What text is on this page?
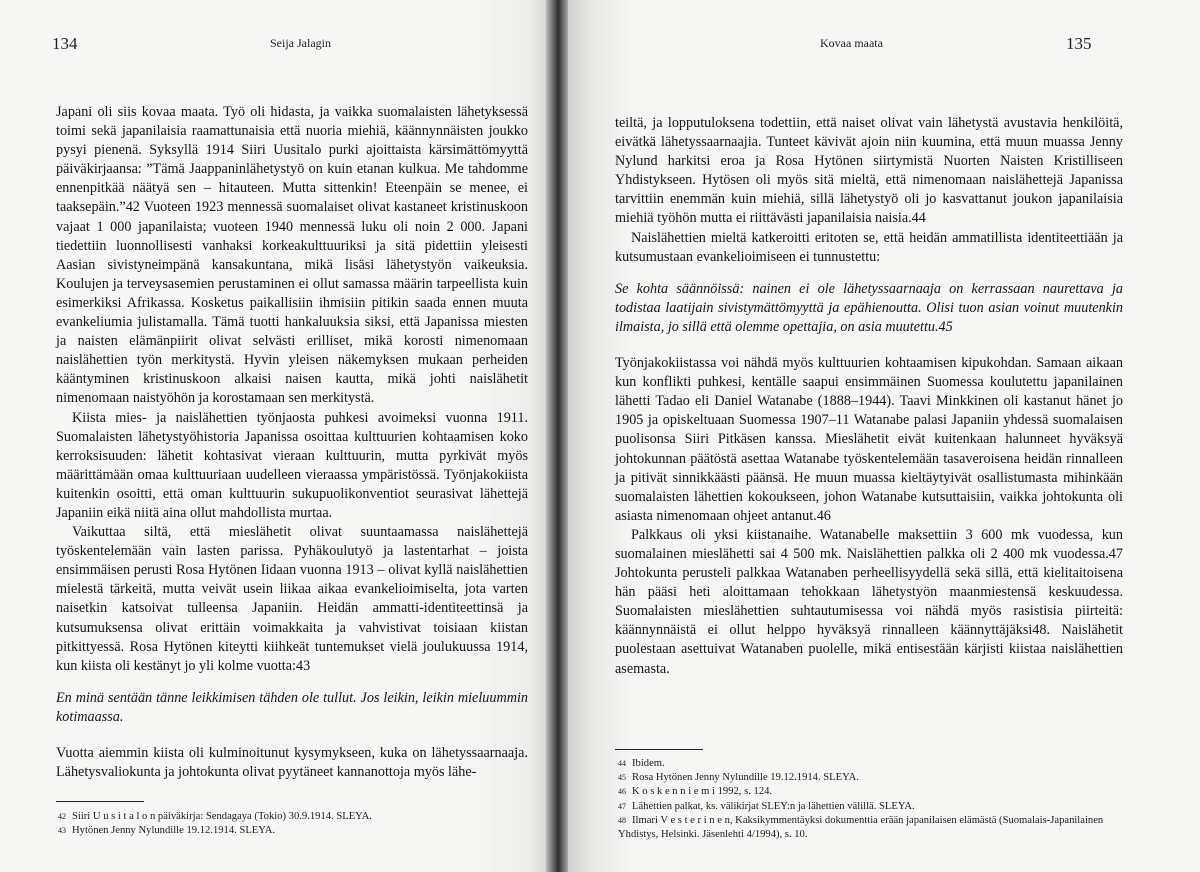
134	Seija Jalagin

Japani oli siis kovaa maata. Työ oli hidasta, ja vaikka suomalaisten lähetyksessä toimi sekä japanilaisia raamattunaisia että nuoria miehiä, käännynnäisten joukko pysyi pienenä. Syksyllä 1914 Siiri Uusitalo purki ajoittaista kärsimättömyyttä päiväkirjaansa: ”Tämä Jaappaninlähetystyö on kuin etanan kulkua. Me tahdomme ennenpitkää näätyä sen – hitauteen. Mutta sittenkin! Eteenpäin se menee, ei taaksepäin.”42 Vuoteen 1923 mennessä suomalaiset olivat kastaneet kristinuskoon vajaat 1 000 japanilaista; vuoteen 1940 mennessä luku oli noin 2 000. Japani tiedettiin luonnollisesti vanhaksi korkeakulttuuriksi ja sitä pidettiin yleisesti Aasian sivistyneimpänä kansakuntana, mikä lisäsi lähetystyön vaikeuksia. Koulujen ja terveysasemien perustaminen ei ollut samassa määrin tarpeellista kuin esimerkiksi Afrikassa. Kosketus paikallisiin ihmisiin pitikin saada ennen muuta evankeliumia julistamalla. Tämä tuotti hankaluuksia siksi, että Japanissa miesten ja naisten elämänpiirit olivat selvästi erilliset, mikä korosti nimenomaan naislähettien työn merkitystä. Hyvin yleisen näkemyksen mukaan perheiden kääntyminen kristinuskoon alkaisi naisen kautta, mikä johti naislähetit nimenomaan naistyöhön ja korostamaan sen merkitystä.

Kiista mies- ja naislähettien työnjaosta puhkesi avoimeksi vuonna 1911. Suomalaisten lähetystyöhistoria Japanissa osoittaa kulttuurien kohtaamisen koko kerroksisuuden: lähetit kohtasivat vieraan kulttuurin, mutta pyrkivät myös määrittämään omaa kulttuuriaan uudelleen vieraassa ympäristössä. Työnjakokiista kuitenkin osoitti, että oman kulttuurin sukupuolikonventiot seurasivat lähettejä Japaniin eikä niitä aina ollut mahdollista murtaa.

Vaikuttaa siltä, että mieslähetit olivat suuntaamassa naislähettejä työskentelemään vain lasten parissa. Pyhäkoulutyö ja lastentarhat – joista ensimmäisen perusti Rosa Hytönen Iidaan vuonna 1913 – olivat kyllä naislähettien mielestä tärkeitä, mutta veivät usein liikaa aikaa evankelioimiselta, jota varten naisetkin katsoivat tulleensa Japaniin. Heidän ammatti-identiteettinsä ja kutsumuksensa olivat erittäin voimakkaita ja vahvistivat toisiaan kiistan pitkittyessä. Rosa Hytönen kiteytti kiihkeät tuntemukset vielä joulukuussa 1914, kun kiista oli kestänyt jo yli kolme vuotta:43

En minä sentään tänne leikkimisen tähden ole tullut. Jos leikin, leikin mieluummin kotimaassa.

Vuotta aiemmin kiista oli kulminoitunut kysymykseen, kuka on lähetyssaarnaaja. Lähetysvaliokunta ja johtokunta olivat pyytäneet kannanottoja myös lähe-

42 Siiri U u s i t a l o n päiväkirja: Sendagaya (Tokio) 30.9.1914. SLEYA.
43 Hytönen Jenny Nylundille 19.12.1914. SLEYA.
Kovaa maata	135

teiltä, ja lopputuloksena todettiin, että naiset olivat vain lähetystä avustavia henkilöitä, eivätkä lähetyssaarnaajia. Tunteet kävivät ajoin niin kuumina, että muun muassa Jenny Nylund harkitsi eroa ja Rosa Hytönen siirtymistä Nuorten Naisten Kristilliseen Yhdistykseen. Hytösen oli myös sitä mieltä, että nimenomaan naislähettejä Japanissa tarvittiin enemmän kuin miehiä, sillä lähetystyö oli jo kasvattanut joukon japanilaisia miehiä työhön mutta ei riittävästi japanilaisia naisia.44

Naislähettien mieltä katkeroitti eritoten se, että heidän ammatillista identiteettiään ja kutsumustaan evankelioimiseen ei tunnustettu:

Se kohta säännöissä: nainen ei ole lähetyssaarnaaja on kerrassaan naurettava ja todistaa laatijain sivistymättömyyttä ja epähienoutta. Olisi tuon asian voinut muutenkin ilmaista, jo sillä että olemme opettajia, on asia muutettu.45

Työnjakokiistassa voi nähdä myös kulttuurien kohtaamisen kipukohdan. Samaan aikaan kun konflikti puhkesi, kentälle saapui ensimmäinen Suomessa koulutettu japanilainen lähetti Tadao eli Daniel Watanabe (1888–1944). Taavi Minkkinen oli kastanut hänet jo 1905 ja opiskeltuaan Suomessa 1907–11 Watanabe palasi Japaniin yhdessä suomalaisen puolisonsa Siiri Pitkäsen kanssa. Mieslähetit eivät kuitenkaan halunneet hyväksyä johtokunnan päätöstä asettaa Watanabe työskentelemään tasaveroisena heidän rinnalleen ja pitivät sinnikkäästi päänsä. He muun muassa kieltäytyivät osallistumasta mihinkään suomalaisten lähettien kokoukseen, johon Watanabe kutsuttaisiin, vaikka johtokunta oli asiasta nimenomaan ohjeet antanut.46

Palkkaus oli yksi kiistanaihe. Watanabelle maksettiin 3 600 mk vuodessa, kun suomalainen mieslähetti sai 4 500 mk. Naislähettien palkka oli 2 400 mk vuodessa.47 Johtokunta perusteli palkkaa Watanaben perheellisyydellä sekä sillä, että kielitaitoisena hän pääsi heti aloittamaan tehokkaan lähetystyön maanmiestensä keskuudessa. Suomalaisten mieslähettien suhtautumisessa voi nähdä myös rasistisia piirteitä: käännynnäistä ei ollut helppo hyväksyä rinnalleen käännyttäjäksi48. Naislähetit puolestaan asettuivat Watanaben puolelle, mikä entisestään kärjisti kiistaa naislähettien asemasta.

44 Ibidem.
45 Rosa Hytönen Jenny Nylundille 19.12.1914. SLEYA.
46 K o s k e n n i e m i 1992, s. 124.
47 Lähettien palkat, ks. välikirjat SLEY:n ja lähettien välillä. SLEYA.
48 Ilmari V e s t e r i n e n, Kaksikymmentäyksi dokumenttia erään japanilaisen elämästä (Suomalais-Japanilainen Yhdistys, Helsinki. Jäsenlehti 4/1994), s. 10.
